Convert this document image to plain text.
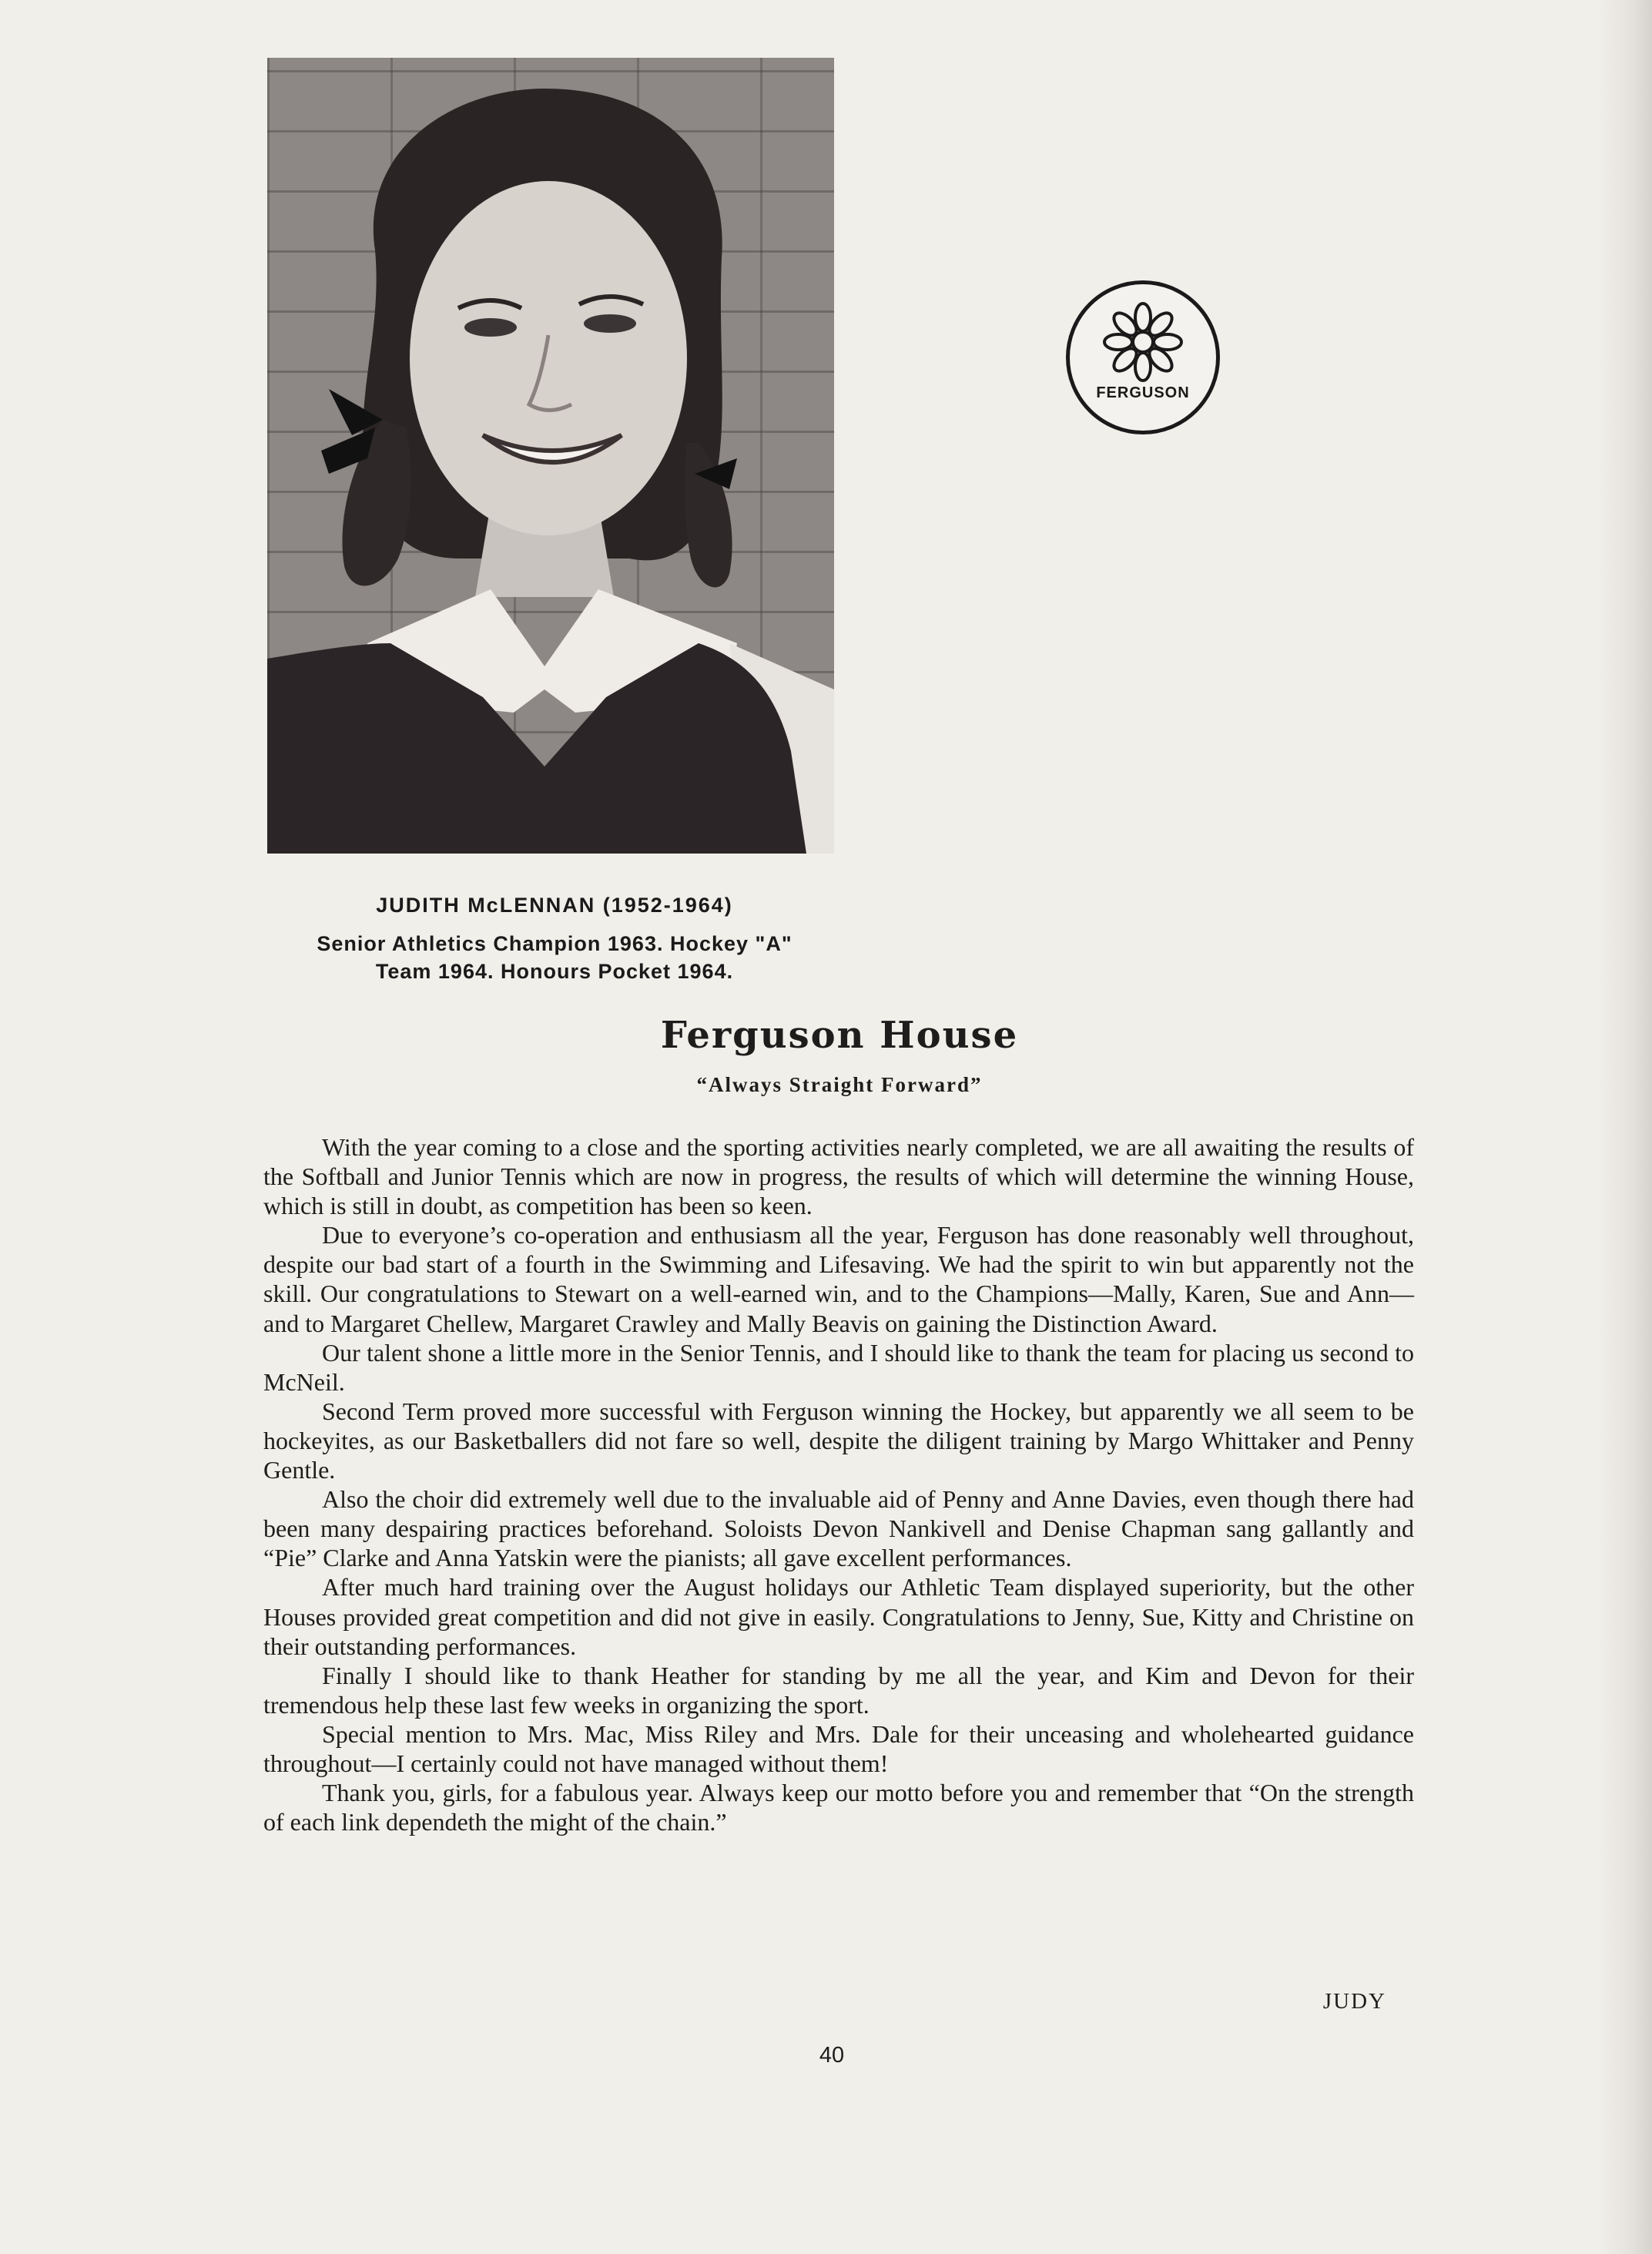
FERGUSON
JUDITH McLENNAN (1952-1964)
Senior Athletics Champion 1963. Hockey "A"
Team 1964. Honours Pocket 1964.
Ferguson House
“Always Straight Forward”

With the year coming to a close and the sporting activities nearly completed, we are all awaiting the results of the Softball and Junior Tennis which are now in progress, the results of which will determine the winning House, which is still in doubt, as competition has been so keen.

Due to everyone’s co-operation and enthusiasm all the year, Ferguson has done reasonably well throughout, despite our bad start of a fourth in the Swimming and Lifesaving. We had the spirit to win but apparently not the skill. Our congratulations to Stewart on a well-earned win, and to the Champions—Mally, Karen, Sue and Ann—and to Margaret Chellew, Margaret Crawley and Mally Beavis on gaining the Distinction Award.

Our talent shone a little more in the Senior Tennis, and I should like to thank the team for placing us second to McNeil.

Second Term proved more successful with Ferguson winning the Hockey, but apparently we all seem to be hockeyites, as our Basketballers did not fare so well, despite the diligent training by Margo Whittaker and Penny Gentle.

Also the choir did extremely well due to the invaluable aid of Penny and Anne Davies, even though there had been many despairing practices beforehand. Soloists Devon Nankivell and Denise Chapman sang gallantly and “Pie” Clarke and Anna Yatskin were the pianists; all gave excellent performances.

After much hard training over the August holidays our Athletic Team displayed superiority, but the other Houses provided great competition and did not give in easily. Congratulations to Jenny, Sue, Kitty and Christine on their outstanding performances.

Finally I should like to thank Heather for standing by me all the year, and Kim and Devon for their tremendous help these last few weeks in organizing the sport.

Special mention to Mrs. Mac, Miss Riley and Mrs. Dale for their unceasing and wholehearted guidance throughout—I certainly could not have managed without them!

Thank you, girls, for a fabulous year. Always keep our motto before you and remember that “On the strength of each link dependeth the might of the chain.”

JUDY
40
